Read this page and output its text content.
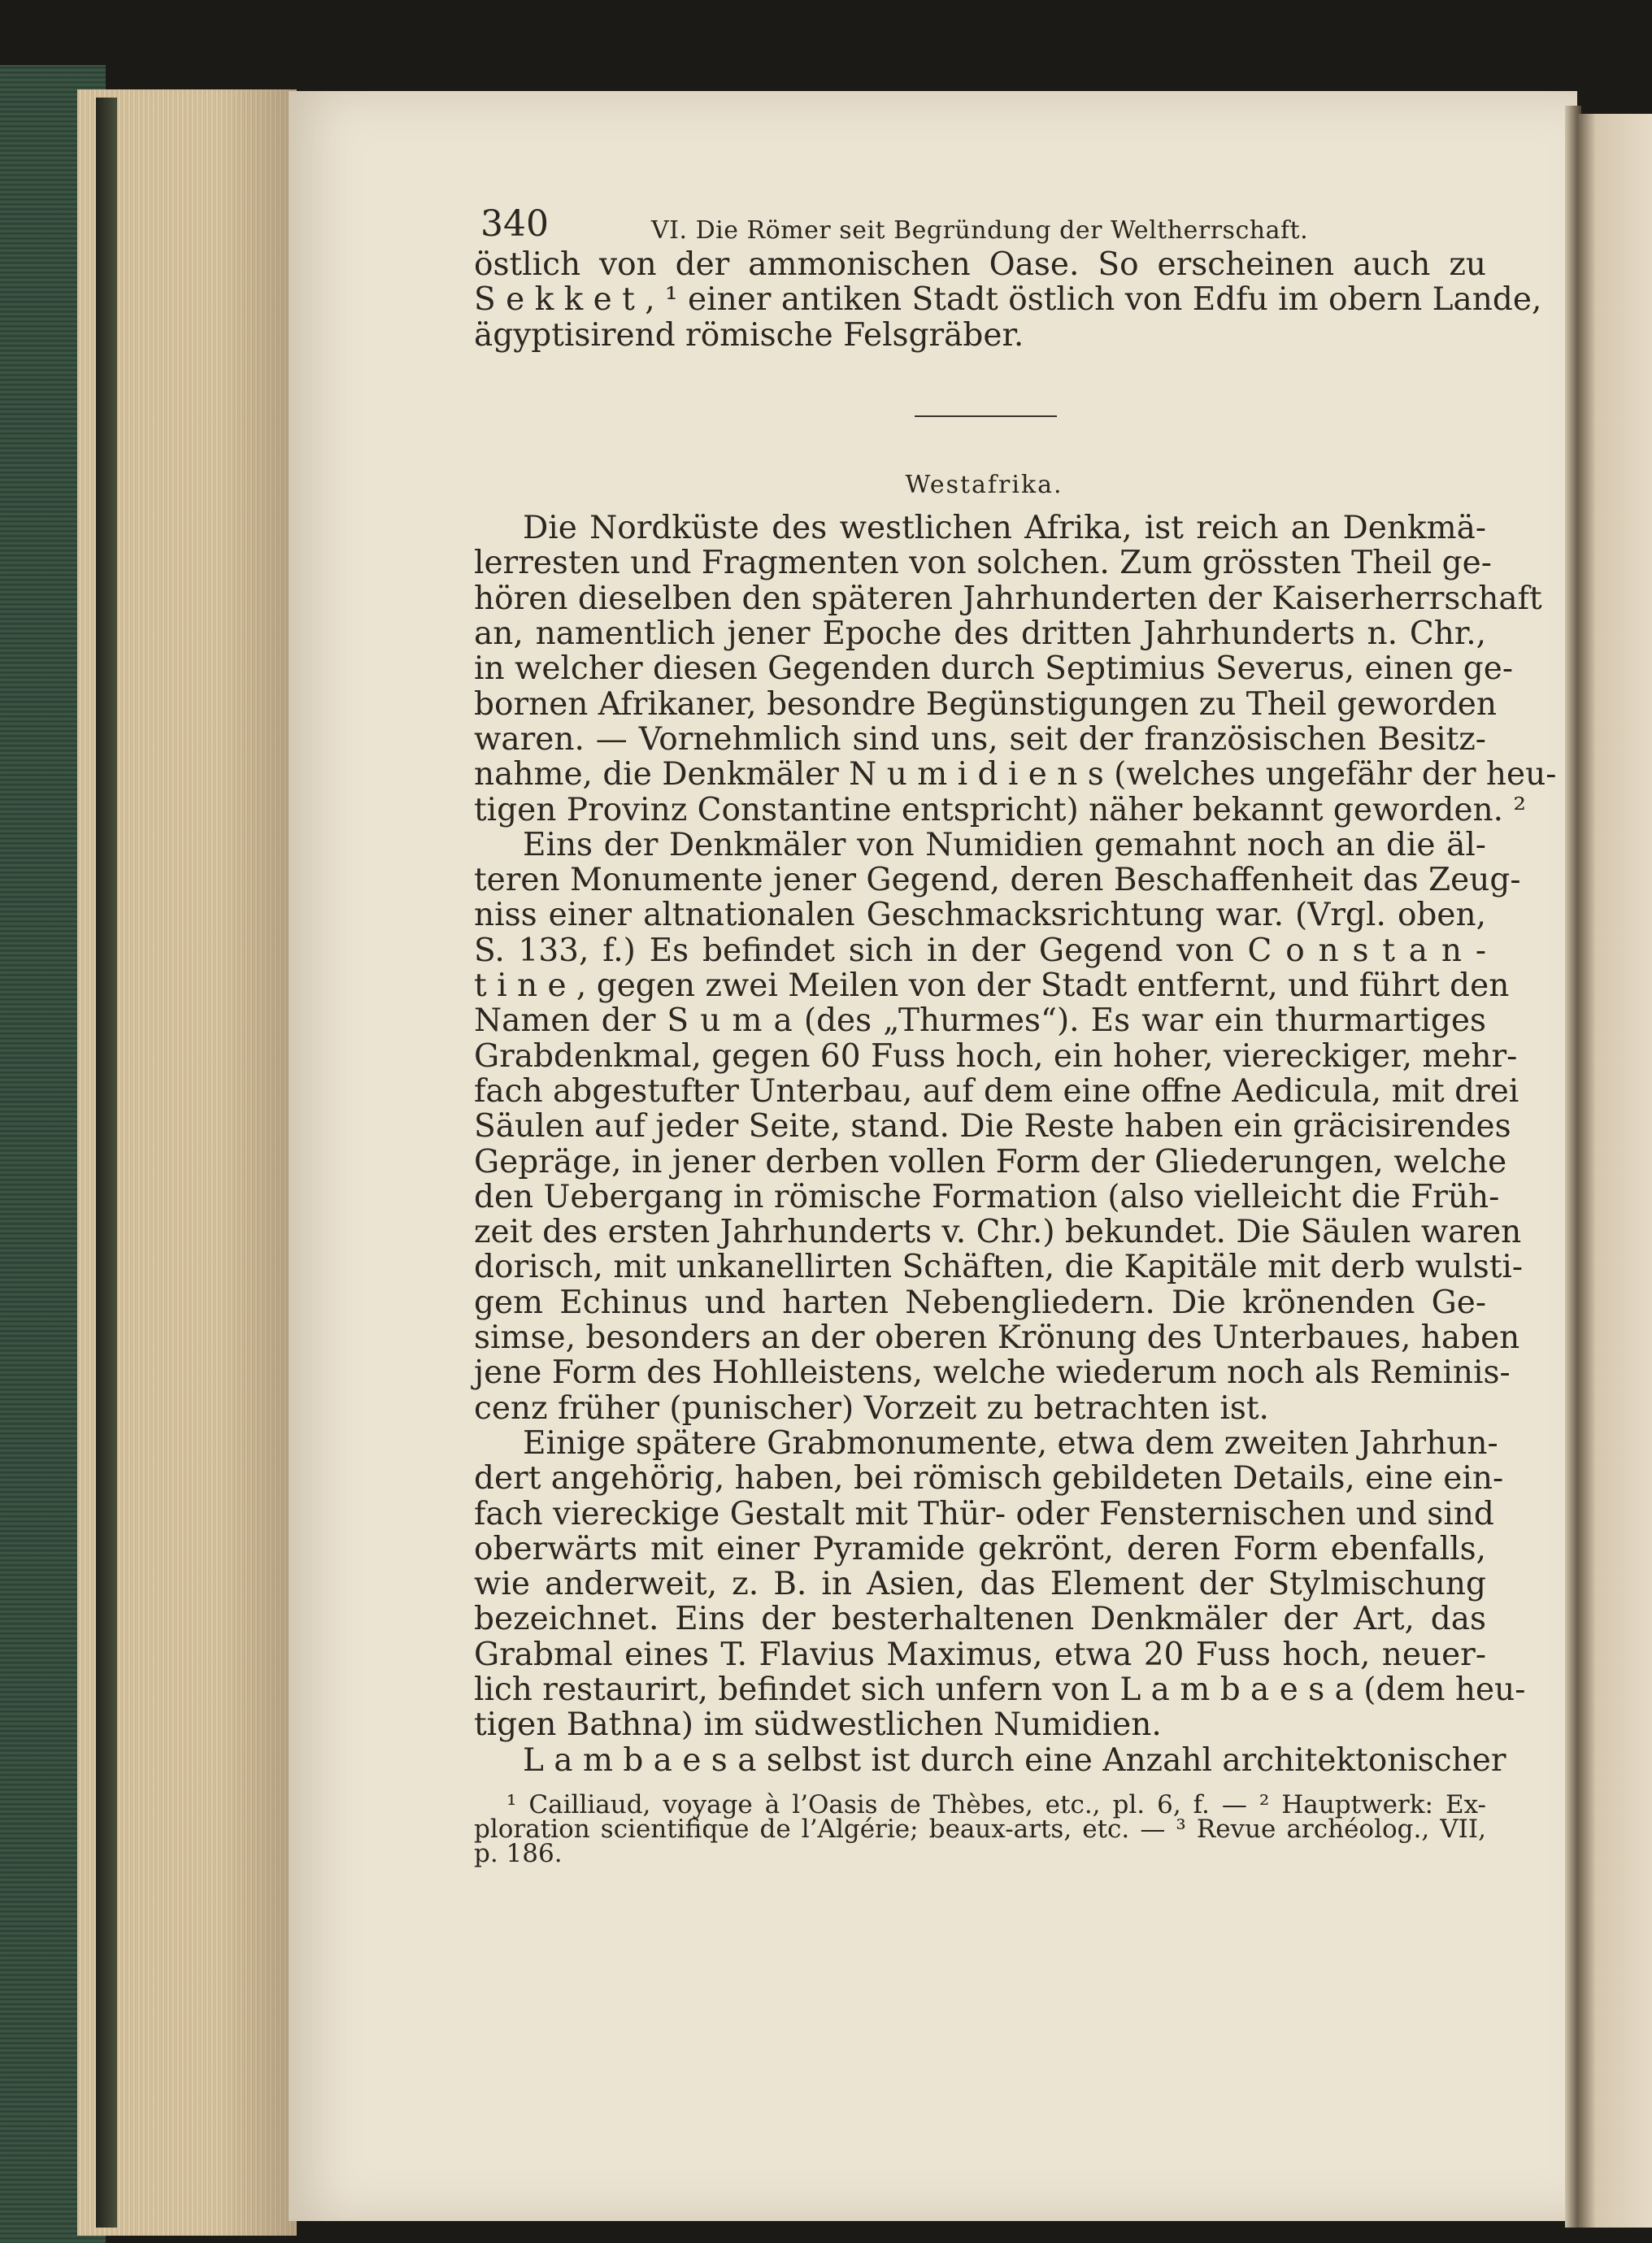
340	VI. Die Römer seit Begründung der Weltherrschaft.
östlich von der ammonischen Oase. So erscheinen auch zu
S e k k e t , ¹ einer antiken Stadt östlich von Edfu im obern Lande,
ägyptisirend römische Felsgräber.
Westafrika.
Die Nordküste des westlichen Afrika, ist reich an Denkmä-
lerresten und Fragmenten von solchen. Zum grössten Theil ge-
hören dieselben den späteren Jahrhunderten der Kaiserherrschaft
an, namentlich jener Epoche des dritten Jahrhunderts n. Chr.,
in welcher diesen Gegenden durch Septimius Severus, einen ge-
bornen Afrikaner, besondre Begünstigungen zu Theil geworden
waren. — Vornehmlich sind uns, seit der französischen Besitz-
nahme, die Denkmäler N u m i d i e n s (welches ungefähr der heu-
tigen Provinz Constantine entspricht) näher bekannt geworden. ²
Eins der Denkmäler von Numidien gemahnt noch an die äl-
teren Monumente jener Gegend, deren Beschaffenheit das Zeug-
niss einer altnationalen Geschmacksrichtung war. (Vrgl. oben,
S. 133, f.) Es befindet sich in der Gegend von C o n s t a n -
t i n e , gegen zwei Meilen von der Stadt entfernt, und führt den
Namen der S u m a (des „Thurmes“). Es war ein thurmartiges
Grabdenkmal, gegen 60 Fuss hoch, ein hoher, viereckiger, mehr-
fach abgestufter Unterbau, auf dem eine offne Aedicula, mit drei
Säulen auf jeder Seite, stand. Die Reste haben ein gräcisirendes
Gepräge, in jener derben vollen Form der Gliederungen, welche
den Uebergang in römische Formation (also vielleicht die Früh-
zeit des ersten Jahrhunderts v. Chr.) bekundet. Die Säulen waren
dorisch, mit unkanellirten Schäften, die Kapitäle mit derb wulsti-
gem Echinus und harten Nebengliedern. Die krönenden Ge-
simse, besonders an der oberen Krönung des Unterbaues, haben
jene Form des Hohlleistens, welche wiederum noch als Reminis-
cenz früher (punischer) Vorzeit zu betrachten ist.
Einige spätere Grabmonumente, etwa dem zweiten Jahrhun-
dert angehörig, haben, bei römisch gebildeten Details, eine ein-
fach viereckige Gestalt mit Thür- oder Fensternischen und sind
oberwärts mit einer Pyramide gekrönt, deren Form ebenfalls,
wie anderweit, z. B. in Asien, das Element der Stylmischung
bezeichnet. Eins der besterhaltenen Denkmäler der Art, das
Grabmal eines T. Flavius Maximus, etwa 20 Fuss hoch, neuer-
lich restaurirt, befindet sich unfern von L a m b a e s a (dem heu-
tigen Bathna) im südwestlichen Numidien.
L a m b a e s a selbst ist durch eine Anzahl architektonischer
¹ Cailliaud, voyage à l’Oasis de Thèbes, etc., pl. 6, f. — ² Hauptwerk: Ex-
ploration scientifique de l’Algérie; beaux-arts, etc. — ³ Revue archéolog., VII,
p. 186.
